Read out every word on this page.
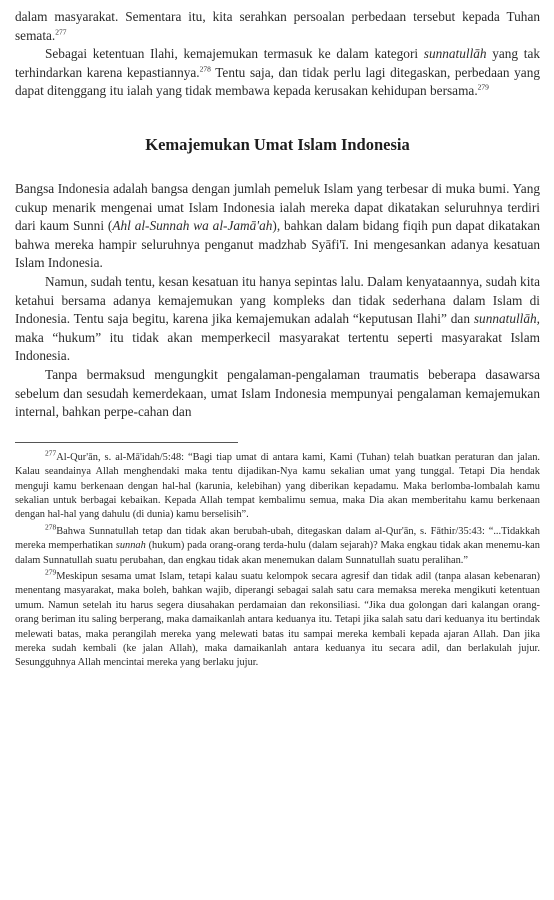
dalam masyarakat. Sementara itu, kita serahkan persoalan perbedaan tersebut kepada Tuhan semata.$^{277}$

Sebagai ketentuan Ilahi, kemajemukan termasuk ke dalam kategori sunnatullāh yang tak terhindarkan karena kepastiannya.$^{278}$ Tentu saja, dan tidak perlu lagi ditegaskan, perbedaan yang dapat ditenggang itu ialah yang tidak membawa kepada kerusakan kehidupan bersama.$^{279}$

Kemajemukan Umat Islam Indonesia

Bangsa Indonesia adalah bangsa dengan jumlah pemeluk Islam yang terbesar di muka bumi. Yang cukup menarik mengenai umat Islam Indonesia ialah mereka dapat dikatakan seluruhnya terdiri dari kaum Sunni (Ahl al-Sunnah wa al-Jamā'ah), bahkan dalam bidang fiqih pun dapat dikatakan bahwa mereka hampir seluruhnya penganut madzhab Syāfi'ī. Ini mengesankan adanya kesatuan Islam Indonesia.

Namun, sudah tentu, kesan kesatuan itu hanya sepintas lalu. Dalam kenyataannya, sudah kita ketahui bersama adanya kemajemukan yang kompleks dan tidak sederhana dalam Islam di Indonesia. Tentu saja begitu, karena jika kemajemukan adalah “keputusan Ilahi” dan sunnatullāh, maka “hukum” itu tidak akan memperkecil masyarakat tertentu seperti masyarakat Islam Indonesia.

Tanpa bermaksud mengungkit pengalaman-pengalaman traumatis beberapa dasawarsa sebelum dan sesudah kemerdekaan, umat Islam Indonesia mempunyai pengalaman kemajemukan internal, bahkan perpe-cahan dan

$^{277}$Al-Qur'ān, s. al-Mā'idah/5:48: “Bagi tiap umat di antara kami, Kami (Tuhan) telah buatkan peraturan dan jalan. Kalau seandainya Allah menghendaki maka tentu dijadikan-Nya kamu sekalian umat yang tunggal. Tetapi Dia hendak menguji kamu berkenaan dengan hal-hal (karunia, kelebihan) yang diberikan kepadamu. Maka berlomba-lombalah kamu sekalian untuk berbagai kebaikan. Kepada Allah tempat kembalimu semua, maka Dia akan memberitahu kamu berkenaan dengan hal-hal yang dahulu (di dunia) kamu berselisih”.

$^{278}$Bahwa Sunnatullah tetap dan tidak akan berubah-ubah, ditegaskan dalam al-Qur'ān, s. Fāthir/35:43: “...Tidakkah mereka memperhatikan sunnah (hukum) pada orang-orang terda-hulu (dalam sejarah)? Maka engkau tidak akan menemu-kan dalam Sunnatullah suatu perubahan, dan engkau tidak akan menemukan dalam Sunnatullah suatu peralihan.”

$^{279}$Meskipun sesama umat Islam, tetapi kalau suatu kelompok secara agresif dan tidak adil (tanpa alasan kebenaran) menentang masyarakat, maka boleh, bahkan wajib, diperangi sebagai salah satu cara memaksa mereka mengikuti ketentuan umum. Namun setelah itu harus segera diusahakan perdamaian dan rekonsiliasi. “Jika dua golongan dari kalangan orang-orang beriman itu saling berperang, maka damaikanlah antara keduanya itu. Tetapi jika salah satu dari keduanya itu bertindak melewati batas, maka perangilah mereka yang melewati batas itu sampai mereka kembali kepada ajaran Allah. Dan jika mereka sudah kembali (ke jalan Allah), maka damaikanlah antara keduanya itu secara adil, dan berlakulah jujur. Sesungguhnya Allah mencintai mereka yang berlaku jujur.
